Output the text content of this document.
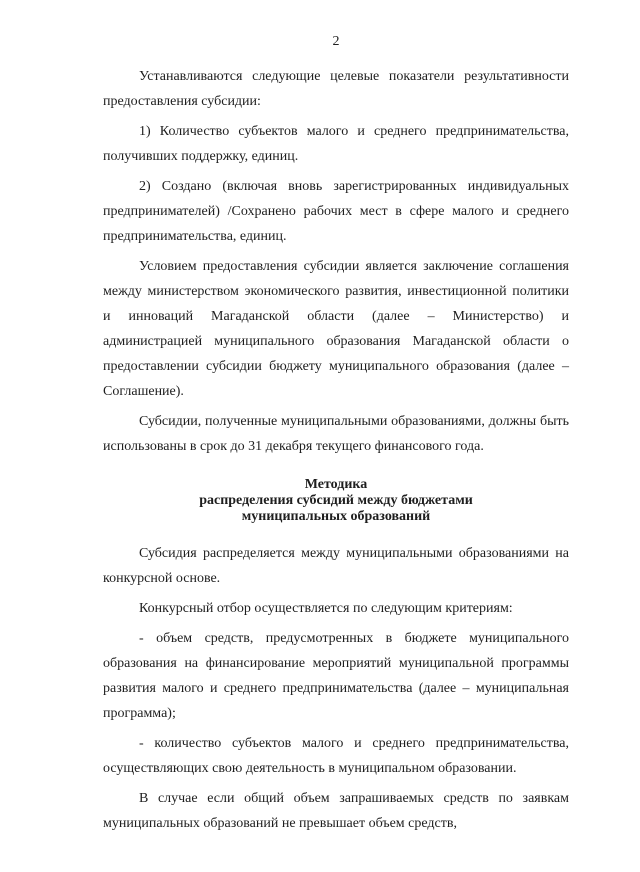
2

Устанавливаются следующие целевые показатели результативности предоставления субсидии:

1) Количество субъектов малого и среднего предпринимательства, получивших поддержку, единиц.

2) Создано (включая вновь зарегистрированных индивидуальных предпринимателей) /Сохранено рабочих мест в сфере малого и среднего предпринимательства, единиц.

Условием предоставления субсидии является заключение соглашения между министерством экономического развития, инвестиционной политики и инноваций Магаданской области (далее – Министерство) и администрацией муниципального образования Магаданской области о предоставлении субсидии бюджету муниципального образования (далее – Соглашение).

Субсидии, полученные муниципальными образованиями, должны быть использованы в срок до 31 декабря текущего финансового года.

Методика
распределения субсидий между бюджетами
муниципальных образований

Субсидия распределяется между муниципальными образованиями на конкурсной основе.

Конкурсный отбор осуществляется по следующим критериям:

- объем средств, предусмотренных в бюджете муниципального образования на финансирование мероприятий муниципальной программы развития малого и среднего предпринимательства (далее – муниципальная программа);

- количество субъектов малого и среднего предпринимательства, осуществляющих свою деятельность в муниципальном образовании.

В случае если общий объем запрашиваемых средств по заявкам муниципальных образований не превышает объем средств,
